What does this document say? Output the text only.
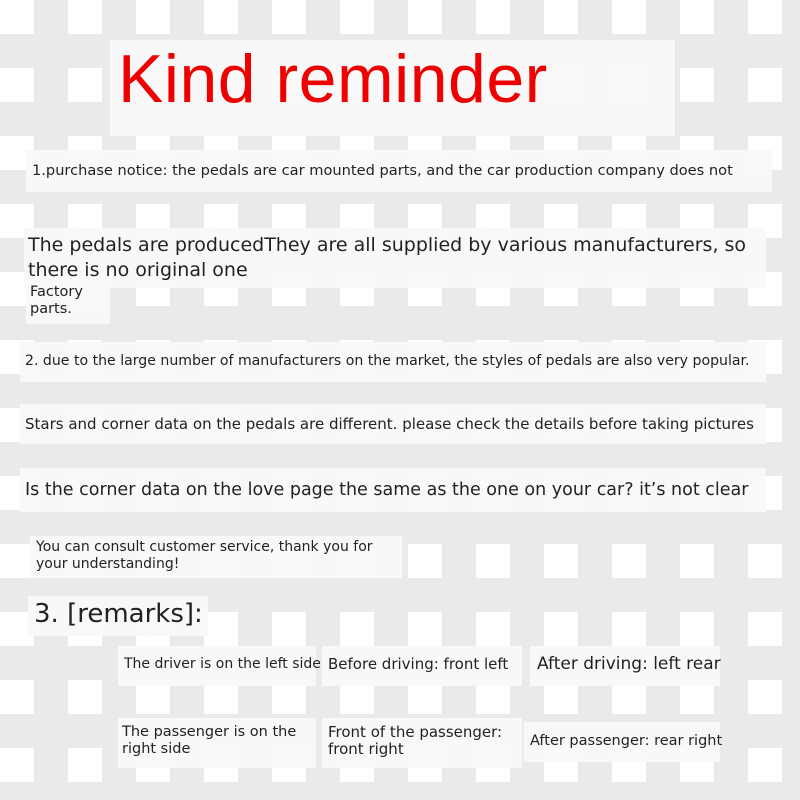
Kind reminder
1.purchase notice: the pedals are car mounted parts, and the car production company does not
The pedals are producedThey are all supplied by various manufacturers, so there is no original one
Factory parts.
2. due to the large number of manufacturers on the market, the styles of pedals are also very popular.
Stars and corner data on the pedals are different. please check the details before taking pictures
Is the corner data on the love page the same as the one on your car? it’s not clear
You can consult customer service, thank you for your understanding!
3. [remarks]:
The driver is on the left side Before driving: front left After driving: left rear
The passenger is on the right side
Front of the passenger: front right	After passenger: rear right
